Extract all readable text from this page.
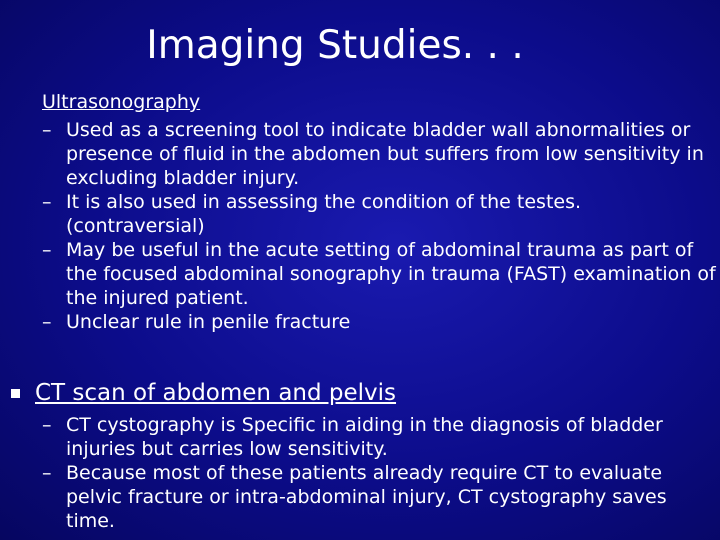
Imaging Studies. . .
Ultrasonography
– Used as a screening tool to indicate bladder wall abnormalities or presence of fluid in the abdomen but suffers from low sensitivity in excluding bladder injury.
– It is also used in assessing the condition of the testes. (contraversial)
– May be useful in the acute setting of abdominal trauma as part of the focused abdominal sonography in trauma (FAST) examination of the injured patient.
– Unclear rule in penile fracture
CT scan of abdomen and pelvis
– CT cystography is Specific in aiding in the diagnosis of bladder injuries but carries low sensitivity.
– Because most of these patients already require CT to evaluate pelvic fracture or intra-abdominal injury, CT cystography saves time.
